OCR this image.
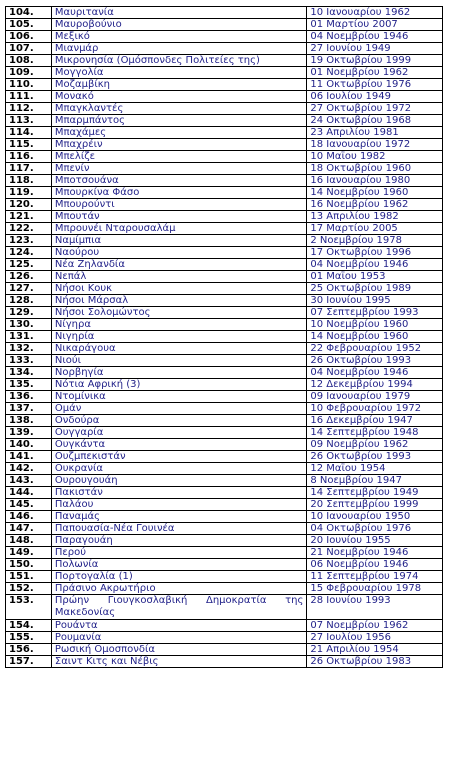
104.	Μαυριτανία	10 Ιανουαρίου 1962
105.	Μαυροβούνιο	01 Μαρτίου 2007
106.	Μεξικό	04 Νοεμβρίου 1946
107.	Μιανμάρ	27 Ιουνίου 1949
108.	Μικρονησία (Ομόσπονδες Πολιτείες της)	19 Οκτωβρίου 1999
109.	Μογγολία	01 Νοεμβρίου 1962
110.	Μοζαμβίκη	11 Οκτωβρίου 1976
111.	Μονακό	06 Ιουλίου 1949
112.	Μπαγκλαντές	27 Οκτωβρίου 1972
113.	Μπαρμπάντος	24 Οκτωβρίου 1968
114.	Μπαχάμες	23 Απριλίου 1981
115.	Μπαχρέιν	18 Ιανουαρίου 1972
116.	Μπελίζε	10 Μαΐου 1982
117.	Μπενίν	18 Οκτωβρίου 1960
118.	Μποτσουάνα	16 Ιανουαρίου 1980
119.	Μπουρκίνα Φάσο	14 Νοεμβρίου 1960
120.	Μπουρούντι	16 Νοεμβρίου 1962
121.	Μπουτάν	13 Απριλίου 1982
122.	Μπρουνέι Νταρουσαλάμ	17 Μαρτίου 2005
123.	Ναμίμπια	2 Νοεμβρίου 1978
124.	Ναούρου	17 Οκτωβρίου 1996
125.	Νέα Ζηλανδία	04 Νοεμβρίου 1946
126.	Νεπάλ	01 Μαΐου 1953
127.	Νήσοι Κουκ	25 Οκτωβρίου 1989
128.	Νήσοι Μάρσαλ	30 Ιουνίου 1995
129.	Νήσοι Σολομώντος	07 Σεπτεμβρίου 1993
130.	Νίγηρα	10 Νοεμβρίου 1960
131.	Νιγηρία	14 Νοεμβρίου 1960
132.	Νικαράγουα	22 Φεβρουαρίου 1952
133.	Νιούι	26 Οκτωβρίου 1993
134.	Νορβηγία	04 Νοεμβρίου 1946
135.	Νότια Αφρική (3)	12 Δεκεμβρίου 1994
136.	Ντομίνικα	09 Ιανουαρίου 1979
137.	Ομάν	10 Φεβρουαρίου 1972
138.	Ονδούρα	16 Δεκεμβρίου 1947
139.	Ουγγαρία	14 Σεπτεμβρίου 1948
140.	Ουγκάντα	09 Νοεμβρίου 1962
141.	Ουζμπεκιστάν	26 Οκτωβρίου 1993
142.	Ουκρανία	12 Μαΐου 1954
143.	Ουρουγουάη	8 Νοεμβρίου 1947
144.	Πακιστάν	14 Σεπτεμβρίου 1949
145.	Παλάου	20 Σεπτεμβρίου 1999
146.	Παναμάς	10 Ιανουαρίου 1950
147.	Παπουασία-Νέα Γουινέα	04 Οκτωβρίου 1976
148.	Παραγουάη	20 Ιουνίου 1955
149.	Περού	21 Νοεμβρίου 1946
150.	Πολωνία	06 Νοεμβρίου 1946
151.	Πορτογαλία (1)	11 Σεπτεμβρίου 1974
152.	Πράσινο Ακρωτήριο	15 Φεβρουαρίου 1978
153.	Πρώην Γιουγκοσλαβική Δημοκρατία της Μακεδονίας	28 Ιουνίου 1993
154.	Ρουάντα	07 Νοεμβρίου 1962
155.	Ρουμανία	27 Ιουλίου 1956
156.	Ρωσική Ομοσπονδία	21 Απριλίου 1954
157.	Σαιντ Κιτς και Νέβις	26 Οκτωβρίου 1983
